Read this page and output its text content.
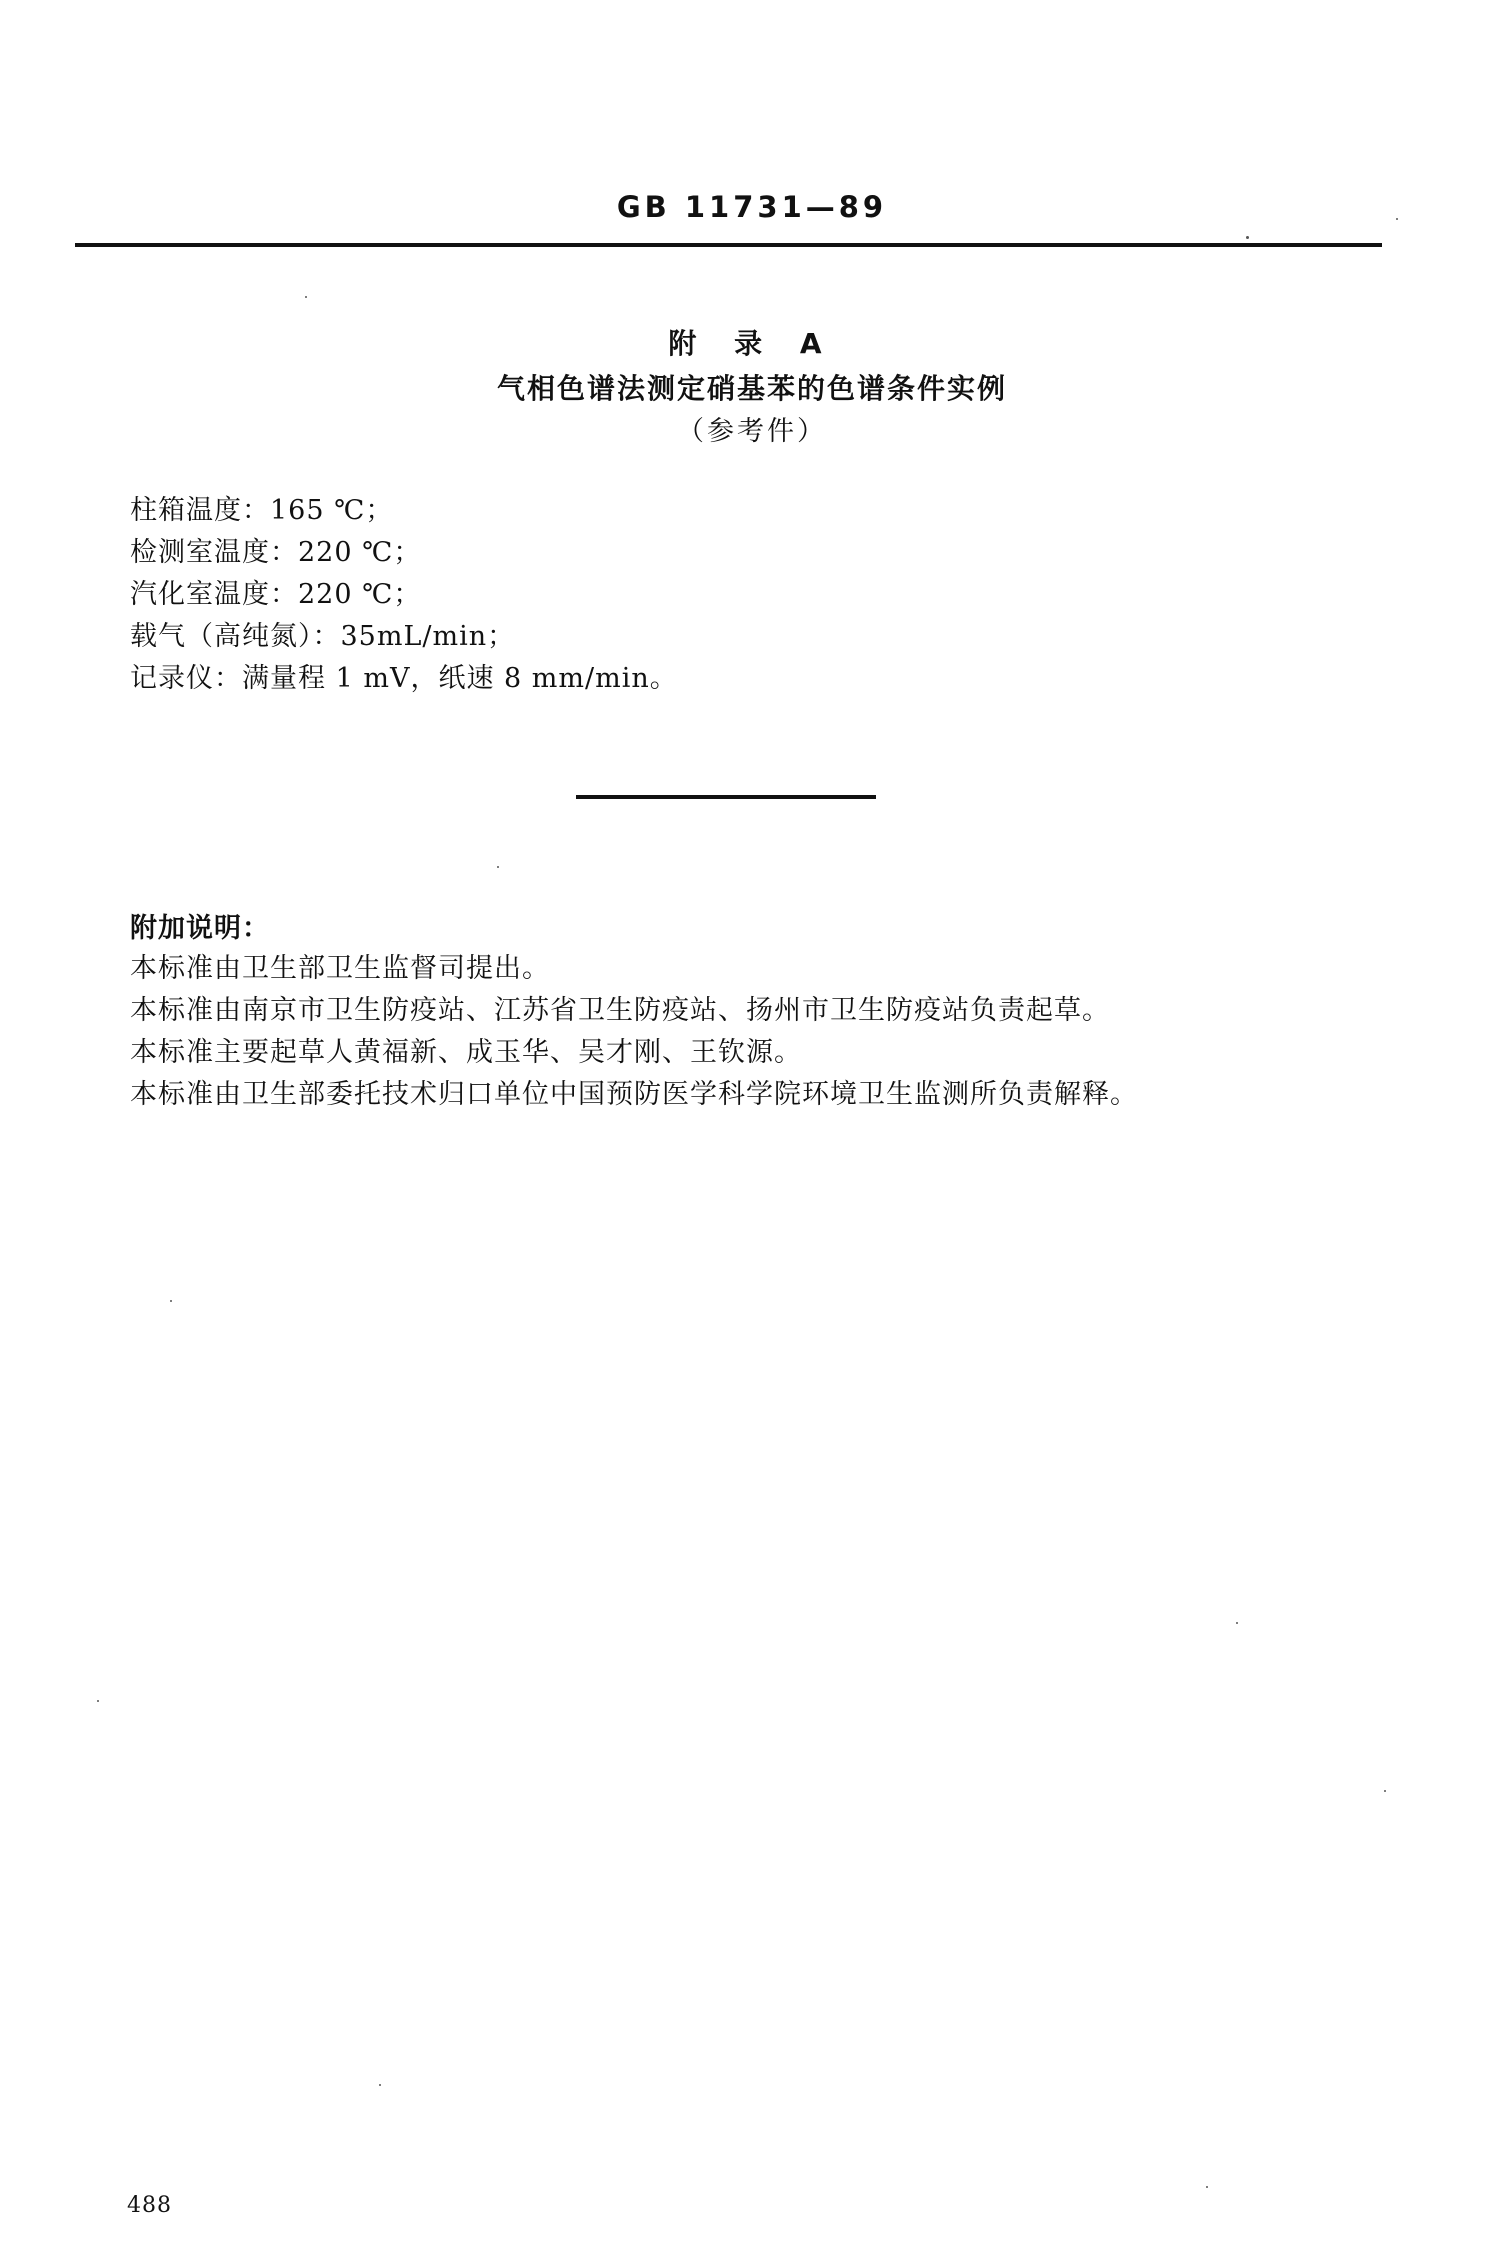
GB 11731—89
附 录 A
气相色谱法测定硝基苯的色谱条件实例
（参考件）
柱箱温度：165 ℃；
检测室温度：220 ℃；
汽化室温度：220 ℃；
载气（高纯氮）：35mL/min；
记录仪：满量程 1 mV，纸速 8 mm/min。
附加说明：
本标准由卫生部卫生监督司提出。
本标准由南京市卫生防疫站、江苏省卫生防疫站、扬州市卫生防疫站负责起草。
本标准主要起草人黄福新、成玉华、吴才刚、王钦源。
本标准由卫生部委托技术归口单位中国预防医学科学院环境卫生监测所负责解释。
488
